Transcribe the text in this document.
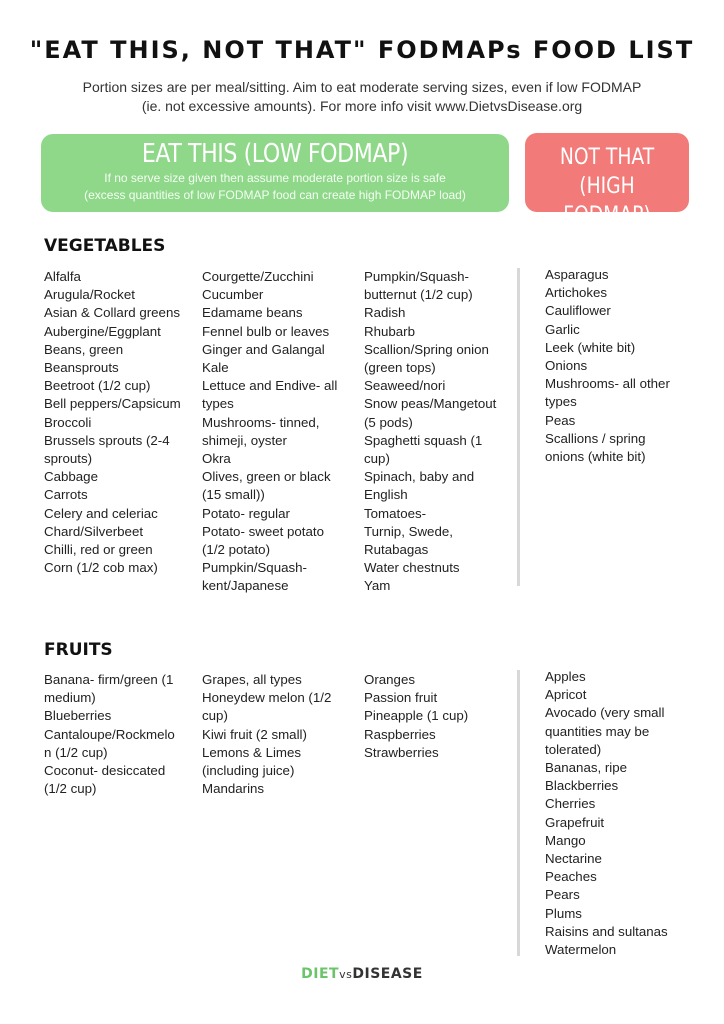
"EAT THIS, NOT THAT" FODMAPs FOOD LIST
Portion sizes are per meal/sitting. Aim to eat moderate serving sizes, even if low FODMAP
(ie. not excessive amounts). For more info visit www.DietvsDisease.org
EAT THIS (LOW FODMAP)
If no serve size given then assume moderate portion size is safe
(excess quantities of low FODMAP food can create high FODMAP load)
NOT THAT
(HIGH FODMAP)
VEGETABLES
Alfalfa
Arugula/Rocket
Asian & Collard greens
Aubergine/Eggplant
Beans, green
Beansprouts
Beetroot (1/2 cup)
Bell peppers/Capsicum
Broccoli
Brussels sprouts (2-4
sprouts)
Cabbage
Carrots
Celery and celeriac
Chard/Silverbeet
Chilli, red or green
Corn (1/2 cob max)
Courgette/Zucchini
Cucumber
Edamame beans
Fennel bulb or leaves
Ginger and Galangal
Kale
Lettuce and Endive- all
types
Mushrooms- tinned,
shimeji, oyster
Okra
Olives, green or black
(15 small))
Potato- regular
Potato- sweet potato
(1/2 potato)
Pumpkin/Squash-
kent/Japanese
Pumpkin/Squash-
butternut (1/2 cup)
Radish
Rhubarb
Scallion/Spring onion
(green tops)
Seaweed/nori
Snow peas/Mangetout
(5 pods)
Spaghetti squash (1
cup)
Spinach, baby and
English
Tomatoes-
Turnip, Swede,
Rutabagas
Water chestnuts
Yam
Asparagus
Artichokes
Cauliflower
Garlic
Leek (white bit)
Onions
Mushrooms- all other
types
Peas
Scallions / spring
onions (white bit)
FRUITS
Banana- firm/green (1
medium)
Blueberries
Cantaloupe/Rockmelo
n (1/2 cup)
Coconut- desiccated
(1/2 cup)
Grapes, all types
Honeydew melon (1/2
cup)
Kiwi fruit (2 small)
Lemons & Limes
(including juice)
Mandarins
Oranges
Passion fruit
Pineapple (1 cup)
Raspberries
Strawberries
Apples
Apricot
Avocado (very small
quantities may be
tolerated)
Bananas, ripe
Blackberries
Cherries
Grapefruit
Mango
Nectarine
Peaches
Pears
Plums
Raisins and sultanas
Watermelon
DIETvsDISEASE
